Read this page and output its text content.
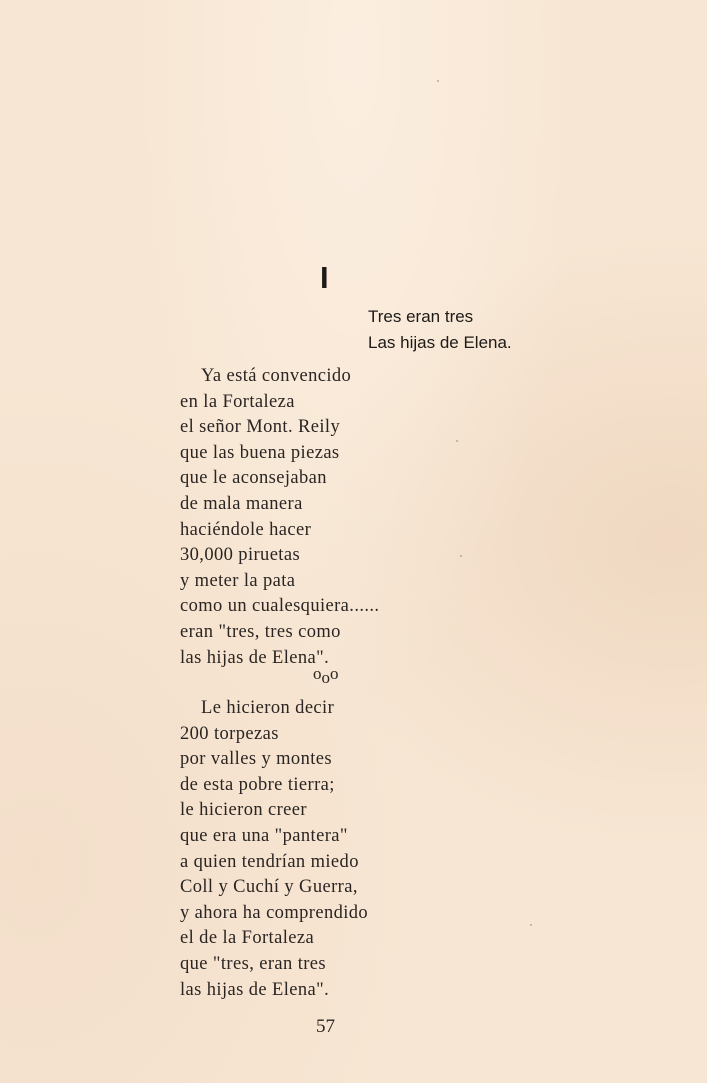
I
Tres eran tres
Las hijas de Elena.
Ya está convencido
en la Fortaleza
el señor Mont. Reily
que las buena piezas
que le aconsejaban
de mala manera
haciéndole hacer
30,000 piruetas
y meter la pata
como un cualesquiera......
eran "tres, tres como
las hijas de Elena".
ooo
Le hicieron decir
200 torpezas
por valles y montes
de esta pobre tierra;
le hicieron creer
que era una "pantera"
a quien tendrían miedo
Coll y Cuchí y Guerra,
y ahora ha comprendido
el de la Fortaleza
que "tres, eran tres
las hijas de Elena".
57
